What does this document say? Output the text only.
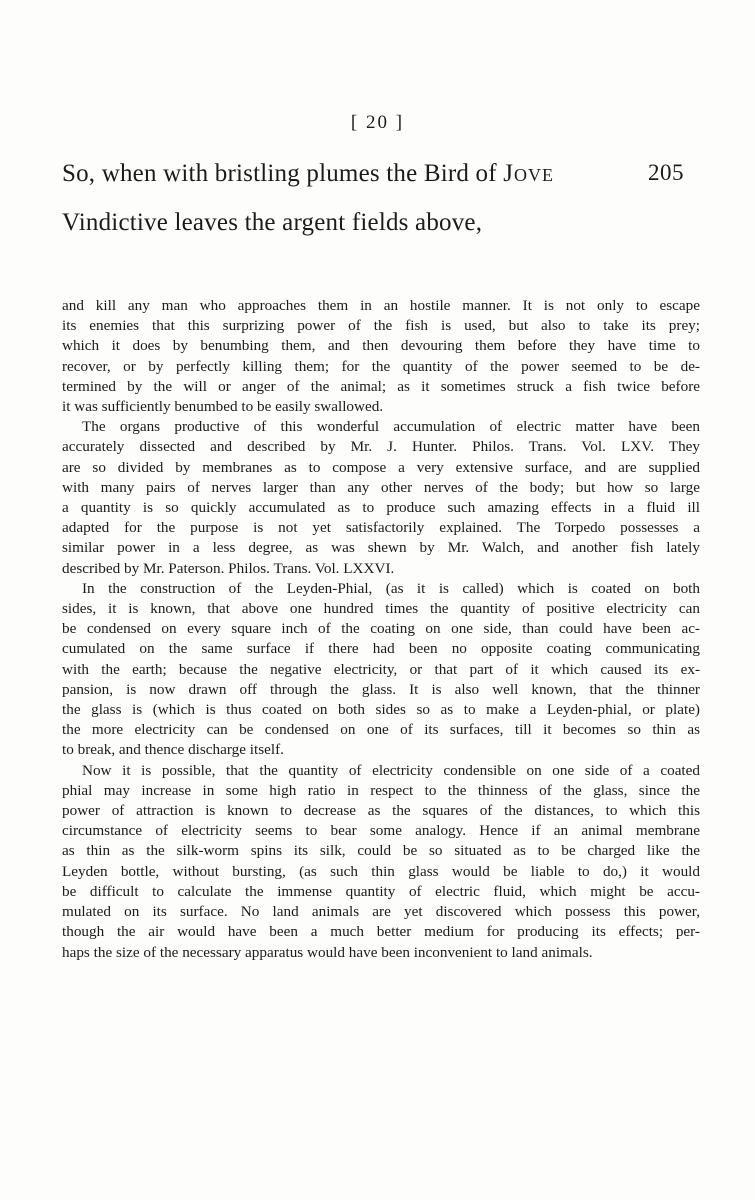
[ 20 ]
So, when with bristling plumes the Bird of Jove	205
Vindictive leaves the argent fields above,

and kill any man who approaches them in an hostile manner. It is not only to escape
its enemies that this surprizing power of the fish is used, but also to take its prey;
which it does by benumbing them, and then devouring them before they have time to
recover, or by perfectly killing them; for the quantity of the power seemed to be de-
termined by the will or anger of the animal; as it sometimes struck a fish twice before
it was sufficiently benumbed to be easily swallowed.

The organs productive of this wonderful accumulation of electric matter have been
accurately dissected and described by Mr. J. Hunter. Philos. Trans. Vol. LXV. They
are so divided by membranes as to compose a very extensive surface, and are supplied
with many pairs of nerves larger than any other nerves of the body; but how so large
a quantity is so quickly accumulated as to produce such amazing effects in a fluid ill
adapted for the purpose is not yet satisfactorily explained. The Torpedo possesses a
similar power in a less degree, as was shewn by Mr. Walch, and another fish lately
described by Mr. Paterson. Philos. Trans. Vol. LXXVI.

In the construction of the Leyden-Phial, (as it is called) which is coated on both
sides, it is known, that above one hundred times the quantity of positive electricity can
be condensed on every square inch of the coating on one side, than could have been ac-
cumulated on the same surface if there had been no opposite coating communicating
with the earth; because the negative electricity, or that part of it which caused its ex-
pansion, is now drawn off through the glass. It is also well known, that the thinner
the glass is (which is thus coated on both sides so as to make a Leyden-phial, or plate)
the more electricity can be condensed on one of its surfaces, till it becomes so thin as
to break, and thence discharge itself.

Now it is possible, that the quantity of electricity condensible on one side of a coated
phial may increase in some high ratio in respect to the thinness of the glass, since the
power of attraction is known to decrease as the squares of the distances, to which this
circumstance of electricity seems to bear some analogy. Hence if an animal membrane
as thin as the silk-worm spins its silk, could be so situated as to be charged like the
Leyden bottle, without bursting, (as such thin glass would be liable to do,) it would
be difficult to calculate the immense quantity of electric fluid, which might be accu-
mulated on its surface. No land animals are yet discovered which possess this power,
though the air would have been a much better medium for producing its effects; per-
haps the size of the necessary apparatus would have been inconvenient to land animals.
